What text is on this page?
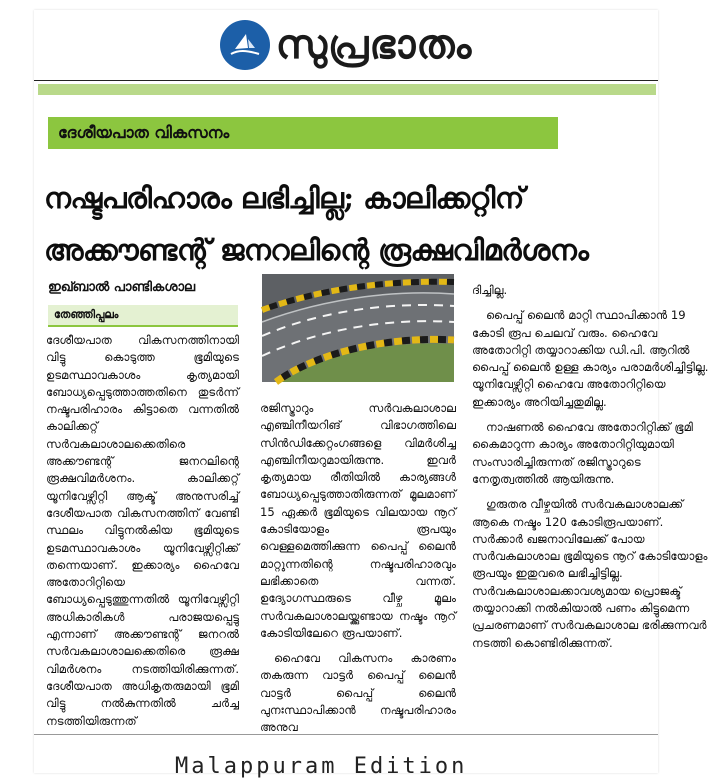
സുപ്രഭാതം
ദേശീയപാത വികസനം
നഷ്ടപരിഹാരം ലഭിച്ചില്ല; കാലിക്കറ്റിന്
അക്കൗണ്ടന്റ് ജനറലിന്റെ രൂക്ഷവിമർശനം
ഇഖ്ബാൽ പാണ്ടികശാല
തേഞ്ഞിപ്പലം

ദേശീയപാത വികസനത്തിനായി വിട്ടു കൊടുത്ത ഭൂമിയുടെ ഉടമസ്ഥാവകാശം കൃത്യമായി ബോധ്യപ്പെടുത്താത്തതിനെ തുടർന്ന് നഷ്ടപരിഹാരം കിട്ടാതെ വന്നതിൽ കാലിക്കറ്റ് സർവകലാശാലക്കെതിരെ അക്കൗണ്ടന്റ് ജനറലിന്റെ രൂക്ഷവിമർശനം. കാലിക്കറ്റ് യൂനിവേഴ്സിറ്റി ആക്ട് അനുസരിച്ച് ദേശീയപാത വികസനത്തിന് വേണ്ടി സ്ഥലം വിട്ടുനൽകിയ ഭൂമിയുടെ ഉടമസ്ഥാവകാശം യൂനിവേഴ്സിറ്റിക്ക് തന്നെയാണ്. ഇക്കാര്യം ഹൈവേ അതോറിറ്റിയെ ബോധ്യപ്പെടുത്തുന്നതിൽ യൂനിവേഴ്സിറ്റി അധികാരികൾ പരാജയപ്പെട്ടു എന്നാണ് അക്കൗണ്ടന്റ് ജനറൽ സർവകലാശാലക്കെതിരെ രൂക്ഷ വിമർശനം നടത്തിയിരിക്കുന്നത്. ദേശീയപാത അധികൃതരുമായി ഭൂമി വിട്ടു നൽകുന്നതിൽ ചർച്ച നടത്തിയിരുന്നത്

രജിസ്ട്രാറും സർവകലാശാല എഞ്ചിനീയറിങ് വിഭാഗത്തിലെ സിൻഡിക്കേറ്റംഗങ്ങളെ വിമർശിച്ച എഞ്ചിനീയറുമായിരുന്നു. ഇവർ കൃത്യമായ രീതിയിൽ കാര്യങ്ങൾ ബോധ്യപ്പെടുത്താതിരുന്നത് മൂലമാണ് 15 ഏക്കർ ഭൂമിയുടെ വിലയായ നൂറ് കോടിയോളം രൂപയും വെള്ളമെത്തിക്കുന്ന പൈപ്പ് ലൈൻ മാറ്റുന്നതിന്റെ നഷ്ടപരിഹാരവും ലഭിക്കാതെ വന്നത്. ഉദ്യോഗസ്ഥരുടെ വീഴ്ച മൂലം സർവകലാശാലയ്ക്കുണ്ടായ നഷ്ടം നൂറ് കോടിയിലേറെ രൂപയാണ്.

ഹൈവേ വികസനം കാരണം തകരുന്ന വാട്ടർ പൈപ്പ് ലൈൻ വാട്ടർ പൈപ്പ് ലൈൻ പുനഃസ്ഥാപിക്കാൻ നഷ്ടപരിഹാരം അനുവ

ദിച്ചില്ല.

പൈപ്പ് ലൈൻ മാറ്റി സ്ഥാപിക്കാൻ 19 കോടി രൂപ ചെലവ് വരും. ഹൈവേ അതോറിറ്റി തയ്യാറാക്കിയ ഡി.പി. ആറിൽ പൈപ്പ് ലൈൻ ഉള്ള കാര്യം പരാമർശിച്ചിട്ടില്ല. യൂനിവേഴ്സിറ്റി ഹൈവേ അതോറിറ്റിയെ ഇക്കാര്യം അറിയിച്ചതുമില്ല.

നാഷണൽ ഹൈവേ അതോറിറ്റിക്ക് ഭൂമി കൈമാറുന്ന കാര്യം അതോറിറ്റിയുമായി സംസാരിച്ചിരുന്നത് രജിസ്ട്രാറുടെ നേതൃത്വത്തിൽ ആയിരുന്നു.

ഗുരുതര വീഴ്ചയിൽ സർവകലാശാലക്ക് ആകെ നഷ്ടം 120 കോടിരൂപയാണ്. സർക്കാർ ഖജനാവിലേക്ക് പോയ സർവകലാശാല ഭൂമിയുടെ നൂറ് കോടിയോളം രൂപയും ഇതുവരെ ലഭിച്ചിട്ടില്ല. സർവകലാശാലക്കാവശ്യമായ പ്രൊജക്ട് തയ്യാറാക്കി നൽകിയാൽ പണം കിട്ടുമെന്ന പ്രചരണമാണ് സർവകലാശാല ഭരിക്കുന്നവർ നടത്തി കൊണ്ടിരിക്കുന്നത്.

Malappuram Edition
